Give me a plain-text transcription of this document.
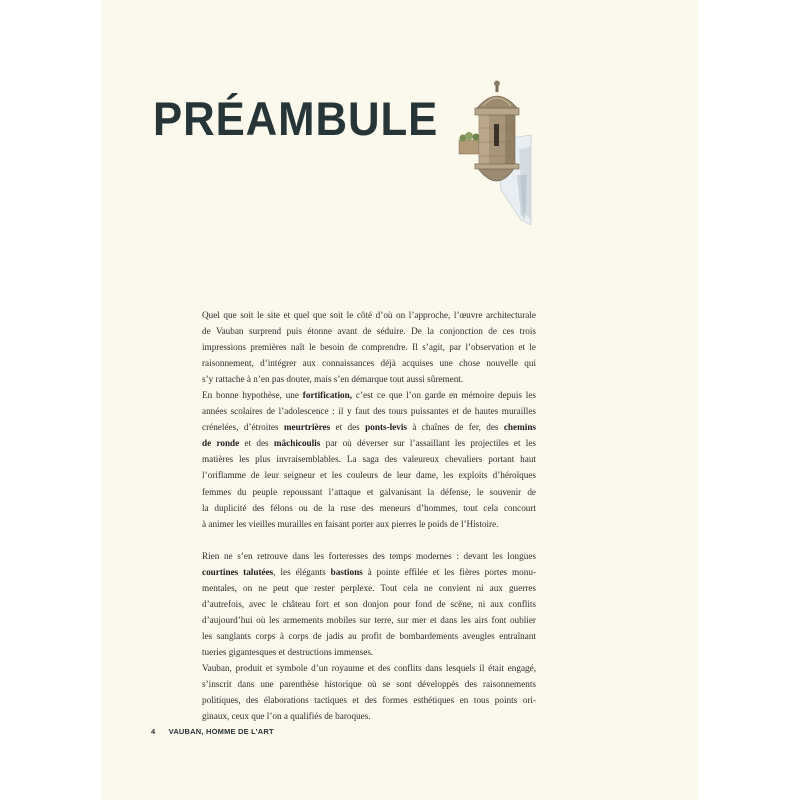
PRÉAMBULE
Quel que soit le site et quel que soit le côté d’où on l’approche, l’œuvre architecturale
de Vauban surprend puis étonne avant de séduire. De la conjonction de ces trois
impressions premières naît le besoin de comprendre. Il s’agit, par l’observation et le
raisonnement, d’intégrer aux connaissances déjà acquises une chose nouvelle qui
s’y rattache à n’en pas douter, mais s’en démarque tout aussi sûrement.
En bonne hypothèse, une fortification, c’est ce que l’on garde en mémoire depuis les
années scolaires de l’adolescence : il y faut des tours puissantes et de hautes murailles
crénelées, d’étroites meurtrières et des ponts-levis à chaînes de fer, des chemins
de ronde et des mâchicoulis par où déverser sur l’assaillant les projectiles et les
matières les plus invraisemblables. La saga des valeureux chevaliers portant haut
l’oriflamme de leur seigneur et les couleurs de leur dame, les exploits d’héroïques
femmes du peuple repoussant l’attaque et galvanisant la défense, le souvenir de
la duplicité des félons ou de la ruse des meneurs d’hommes, tout cela concourt
à animer les vieilles murailles en faisant porter aux pierres le poids de l’Histoire.
Rien ne s’en retrouve dans les forteresses des temps modernes : devant les longues
courtines talutées, les élégants bastions à pointe effilée et les fières portes monu-
mentales, on ne peut que rester perplexe. Tout cela ne convient ni aux guerres
d’autrefois, avec le château fort et son donjon pour fond de scène, ni aux conflits
d’aujourd’hui où les armements mobiles sur terre, sur mer et dans les airs font oublier
les sanglants corps à corps de jadis au profit de bombardements aveugles entraînant
tueries gigantesques et destructions immenses.
Vauban, produit et symbole d’un royaume et des conflits dans lesquels il était engagé,
s’inscrit dans une parenthèse historique où se sont développés des raisonnements
politiques, des élaborations tactiques et des formes esthétiques en tous points ori-
ginaux, ceux que l’on a qualifiés de baroques.
4 VAUBAN, HOMME DE L’ART
